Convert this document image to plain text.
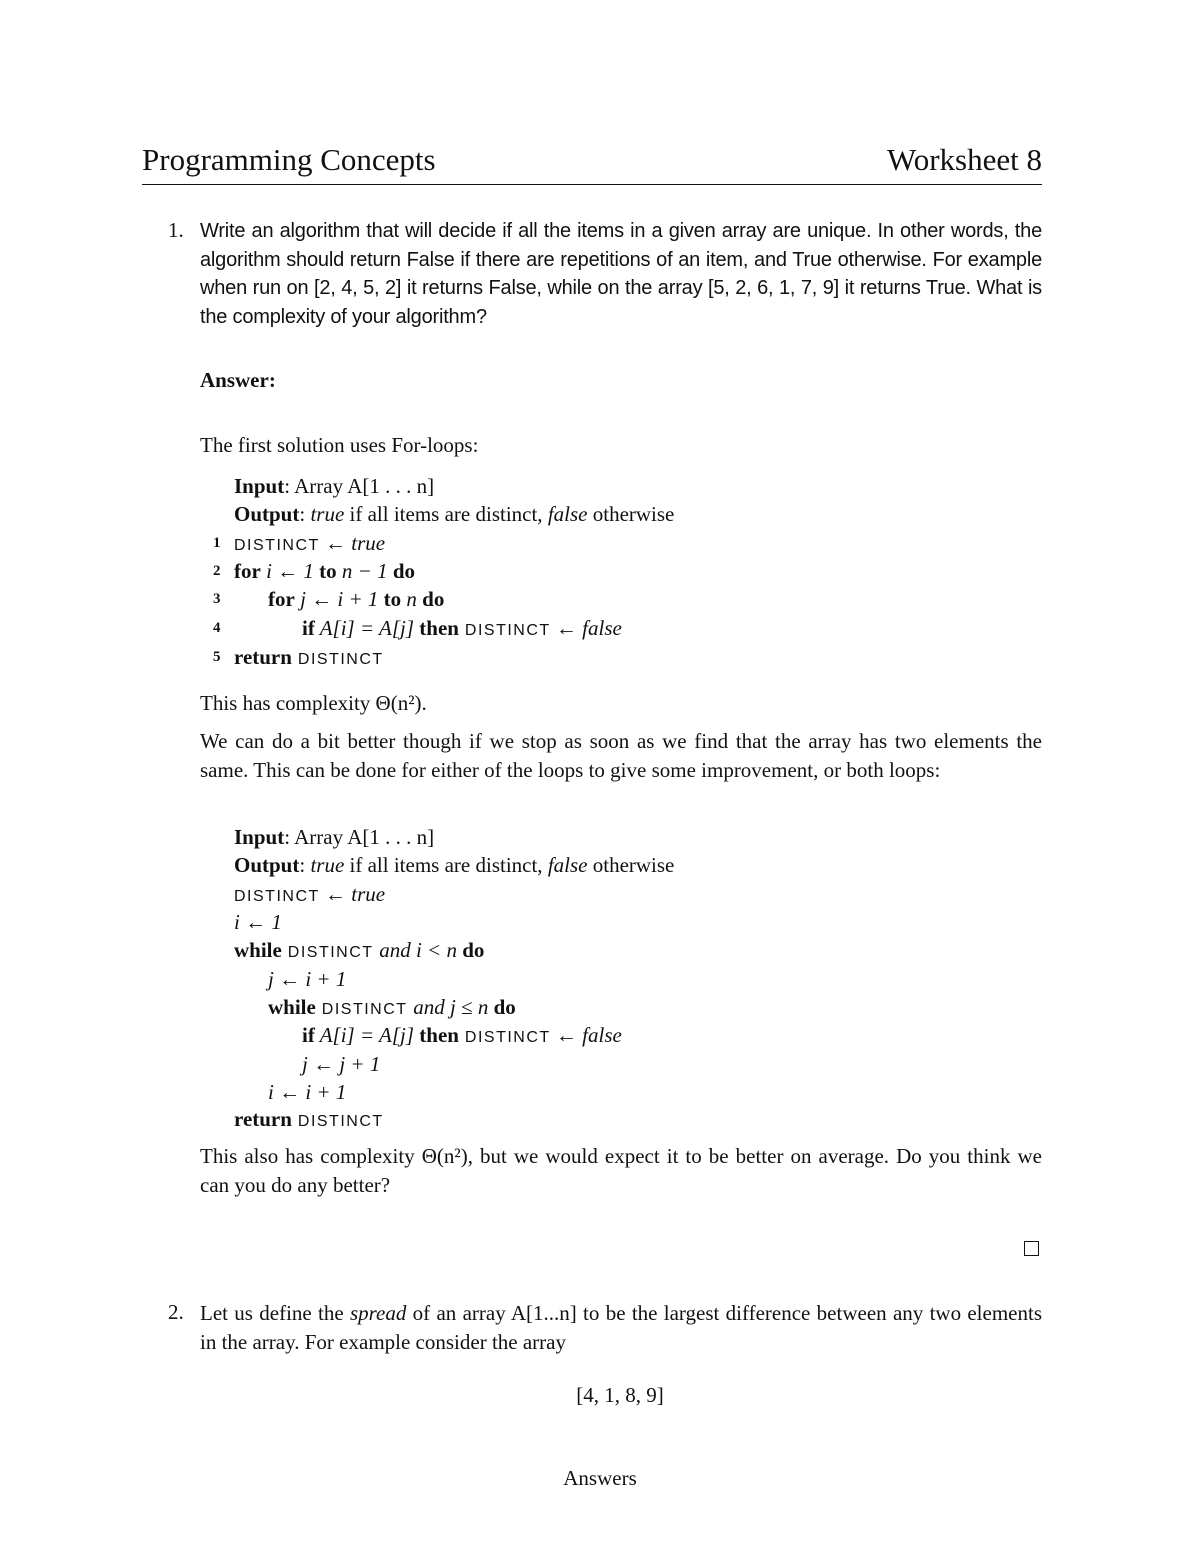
Programming Concepts	Worksheet 8
1. Write an algorithm that will decide if all the items in a given array are unique. In other words, the algorithm should return False if there are repetitions of an item, and True otherwise. For example when run on [2, 4, 5, 2] it returns False, while on the array [5, 2, 6, 1, 7, 9] it returns True. What is the complexity of your algorithm?
Answer:
The first solution uses For-loops:
Input: Array A[1 . . . n]
Output: true if all items are distinct, false otherwise
1 DISTINCT ← true
2 for i ← 1 to n − 1 do
3 for j ← i + 1 to n do
4	if A[i] = A[j] then DISTINCT ← false
5 return DISTINCT
This has complexity Θ(n²).
We can do a bit better though if we stop as soon as we find that the array has two elements the same. This can be done for either of the loops to give some improvement, or both loops:
Input: Array A[1 . . . n]
Output: true if all items are distinct, false otherwise
DISTINCT ← true
i ← 1
while DISTINCT and i < n do
j ← i + 1
while DISTINCT and j ≤ n do
if A[i] = A[j] then DISTINCT ← false
j ← j + 1
i ← i + 1
return DISTINCT
This also has complexity Θ(n²), but we would expect it to be better on average. Do you think we can you do any better?
2. Let us define the spread of an array A[1...n] to be the largest difference between any two elements in the array. For example consider the array
[4, 1, 8, 9]
Answers
